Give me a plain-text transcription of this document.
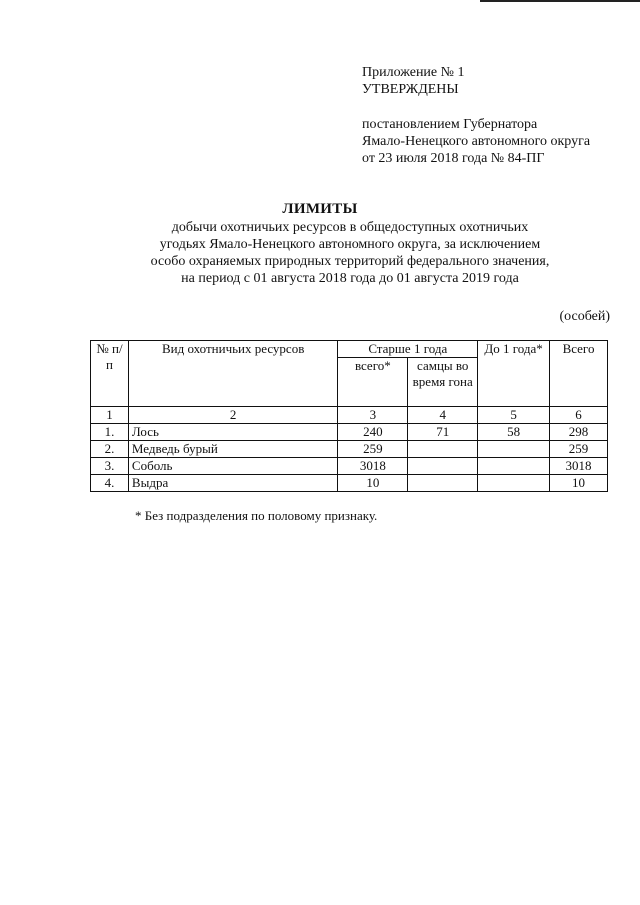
Приложение № 1
УТВЕРЖДЕНЫ
постановлением Губернатора
Ямало-Ненецкого автономного округа
от 23 июля 2018 года № 84-ПГ
ЛИМИТЫ
добычи охотничьих ресурсов в общедоступных охотничьих
угодьях Ямало-Ненецкого автономного округа, за исключением
особо охраняемых природных территорий федерального значения,
на период с 01 августа 2018 года до 01 августа 2019 года
(особей)
№ п/п	Вид охотничьих ресурсов	Старше 1 года		До 1 года*	Всего
		всего*	самцы во время гона		
1	2	3	4	5	6
1.	Лось	240	71	58	298
2.	Медведь бурый	259			259
3.	Соболь	3018			3018
4.	Выдра	10			10
* Без подразделения по половому признаку.
